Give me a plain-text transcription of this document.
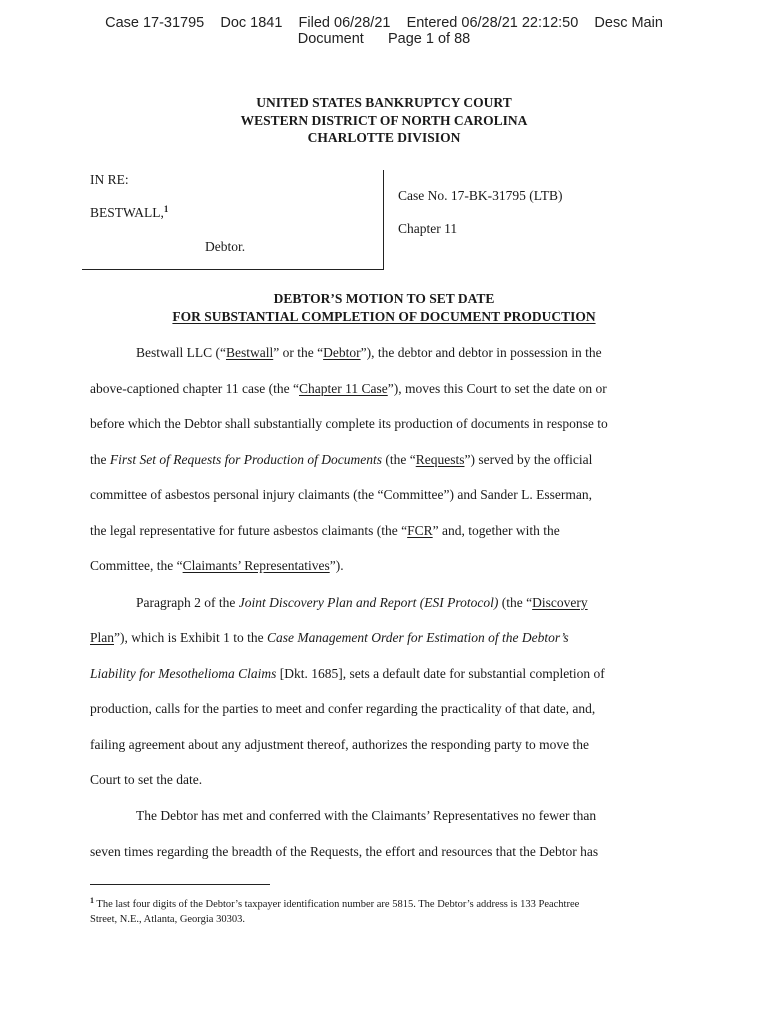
Case 17-31795    Doc 1841    Filed 06/28/21    Entered 06/28/21 22:12:50    Desc Main
Document      Page 1 of 88
UNITED STATES BANKRUPTCY COURT
WESTERN DISTRICT OF NORTH CAROLINA
CHARLOTTE DIVISION
IN RE:
BESTWALL,$^1$
Debtor.
Case No. 17-BK-31795 (LTB)
Chapter 11
DEBTOR’S MOTION TO SET DATE
FOR SUBSTANTIAL COMPLETION OF DOCUMENT PRODUCTION
Bestwall LLC (“Bestwall” or the “Debtor”), the debtor and debtor in possession in the
above-captioned chapter 11 case (the “Chapter 11 Case”), moves this Court to set the date on or
before which the Debtor shall substantially complete its production of documents in response to
the First Set of Requests for Production of Documents (the “Requests”) served by the official
committee of asbestos personal injury claimants (the “Committee”) and Sander L. Esserman,
the legal representative for future asbestos claimants (the “FCR” and, together with the
Committee, the “Claimants’ Representatives”).
Paragraph 2 of the Joint Discovery Plan and Report (ESI Protocol) (the “Discovery
Plan”), which is Exhibit 1 to the Case Management Order for Estimation of the Debtor’s
Liability for Mesothelioma Claims [Dkt. 1685], sets a default date for substantial completion of
production, calls for the parties to meet and confer regarding the practicality of that date, and,
failing agreement about any adjustment thereof, authorizes the responding party to move the
Court to set the date.
The Debtor has met and conferred with the Claimants’ Representatives no fewer than
seven times regarding the breadth of the Requests, the effort and resources that the Debtor has
$^1$ The last four digits of the Debtor’s taxpayer identification number are 5815. The Debtor’s address is 133 Peachtree
Street, N.E., Atlanta, Georgia 30303.
